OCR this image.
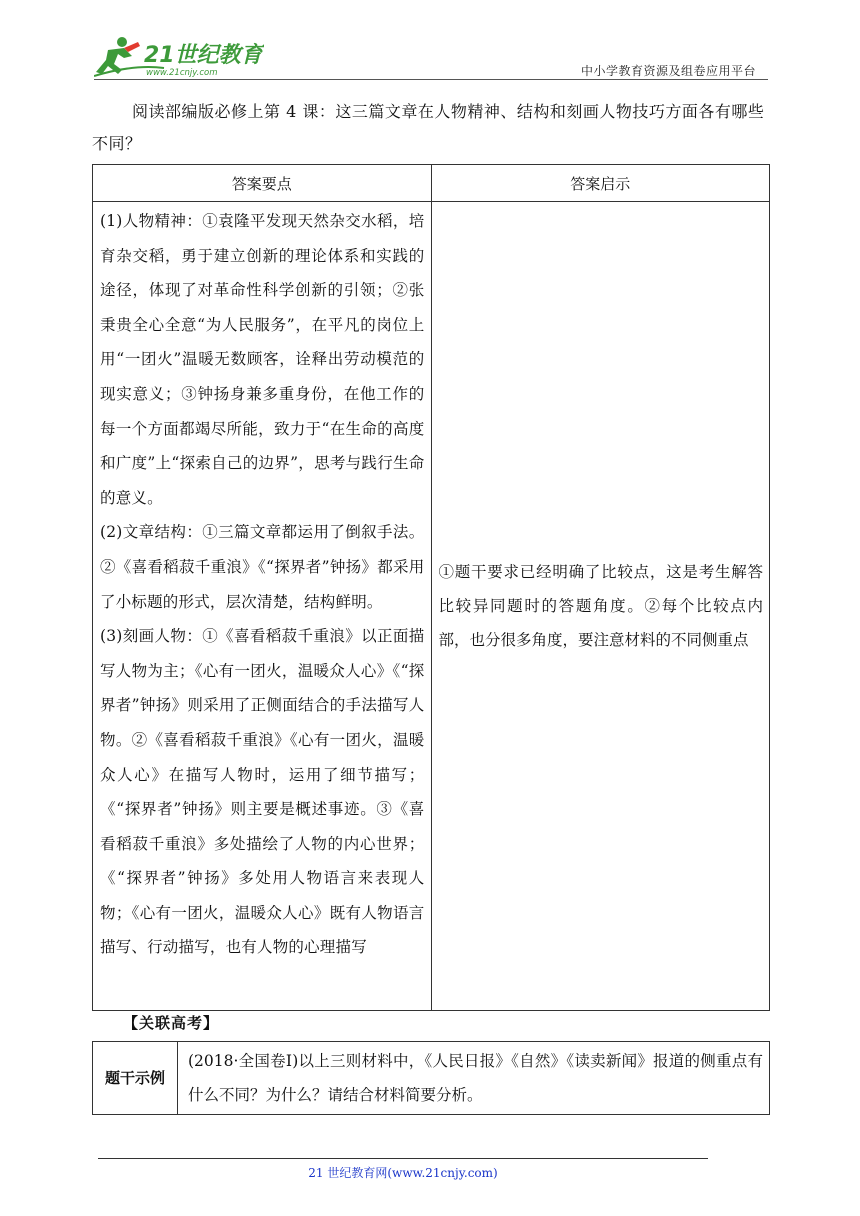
21世纪教育
www.21cnjy.com	中小学教育资源及组卷应用平台
阅读部编版必修上第 4 课：这三篇文章在人物精神、结构和刻画人物技巧方面各有哪些不同？
答案要点	答案启示

(1)人物精神：①袁隆平发现天然杂交水稻，培育杂交稻，勇于建立创新的理论体系和实践的途径，体现了对革命性科学创新的引领；②张秉贵全心全意“为人民服务”，在平凡的岗位上用“一团火”温暖无数顾客，诠释出劳动模范的现实意义；③钟扬身兼多重身份，在他工作的每一个方面都竭尽所能，致力于“在生命的高度和广度”上“探索自己的边界”，思考与践行生命的意义。
(2)文章结构：①三篇文章都运用了倒叙手法。②《喜看稻菽千重浪》《“探界者”钟扬》都采用了小标题的形式，层次清楚，结构鲜明。
(3)刻画人物：①《喜看稻菽千重浪》以正面描写人物为主；《心有一团火，温暖众人心》《“探界者”钟扬》则采用了正侧面结合的手法描写人物。②《喜看稻菽千重浪》《心有一团火，温暖众人心》在描写人物时，运用了细节描写；《“探界者”钟扬》则主要是概述事迹。③《喜看稻菽千重浪》多处描绘了人物的内心世界；《“探界者”钟扬》多处用人物语言来表现人物；《心有一团火，温暖众人心》既有人物语言描写、行动描写，也有人物的心理描写	①题干要求已经明确了比较点，这是考生解答比较异同题时的答题角度。②每个比较点内部，也分很多角度，要注意材料的不同侧重点
【关联高考】
题干示例	(2018·全国卷Ⅰ)以上三则材料中，《人民日报》《自然》《读卖新闻》报道的侧重点有什么不同？为什么？请结合材料简要分析。
21 世纪教育网(www.21cnjy.com)
